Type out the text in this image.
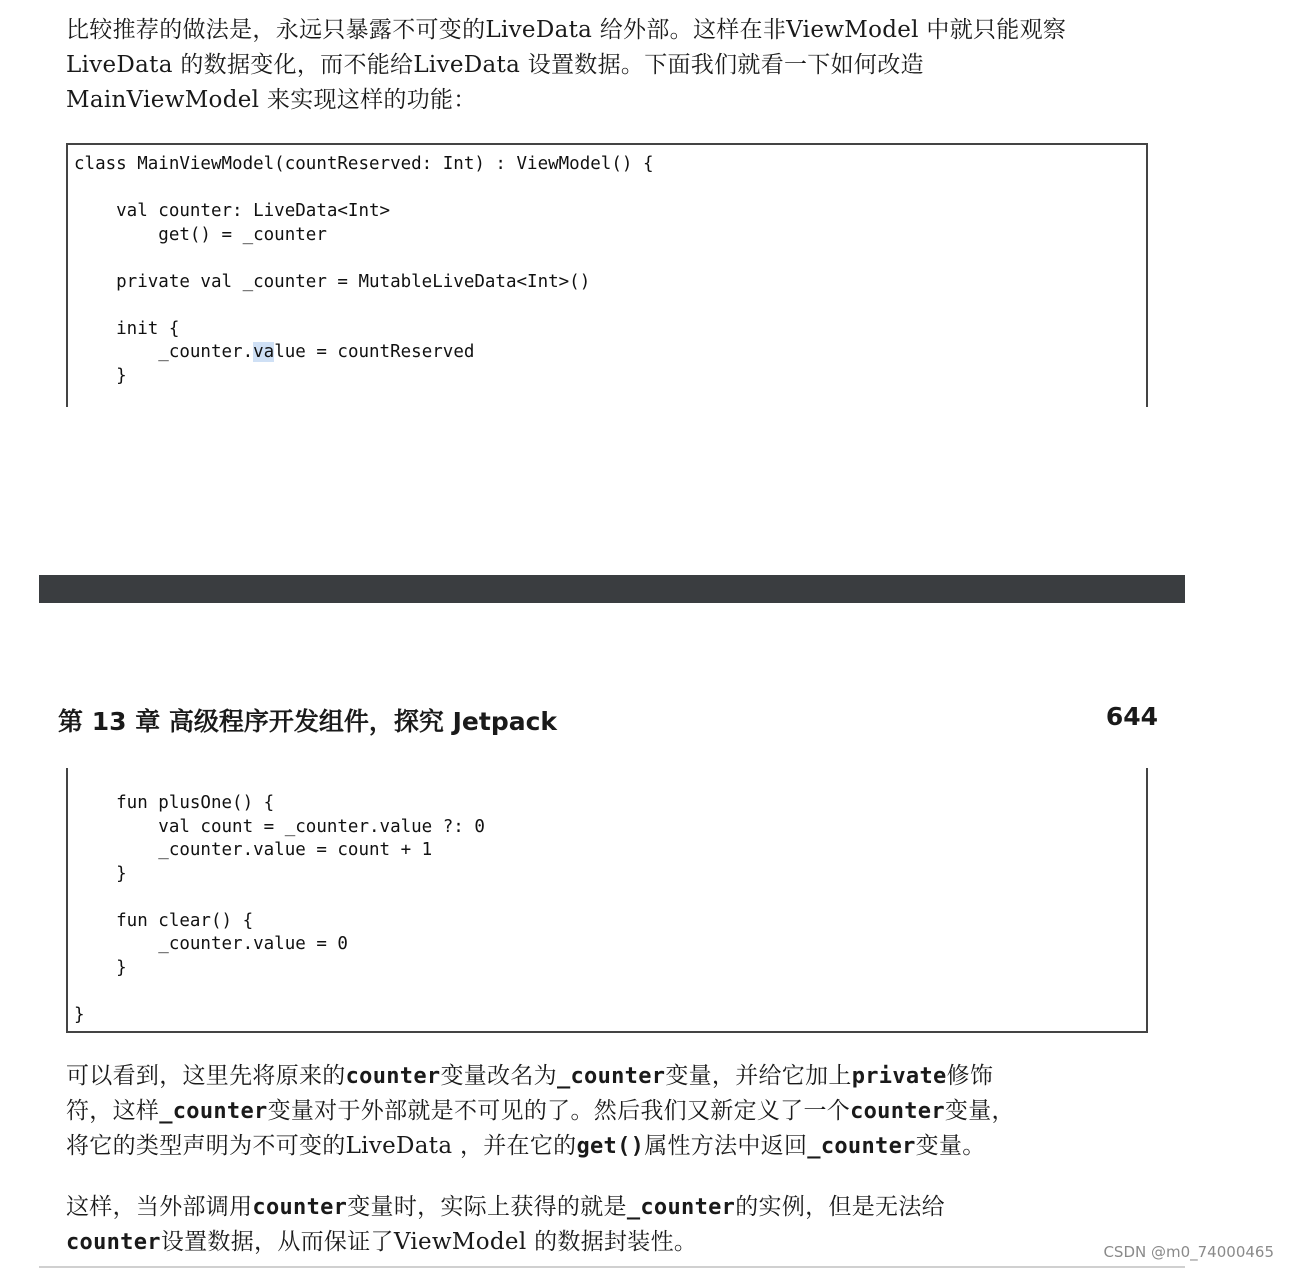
比较推荐的做法是，永远只暴露不可变的LiveData 给外部。这样在非ViewModel 中就只能观察
LiveData 的数据变化，而不能给LiveData 设置数据。下面我们就看一下如何改造
MainViewModel 来实现这样的功能：
class MainViewModel(countReserved: Int) : ViewModel() {

val counter: LiveData<Int>
get() = _counter

private val _counter = MutableLiveData<Int>()

init {
_counter.value = countReserved
}
第 13 章 高级程序开发组件，探究 Jetpack	644
fun plusOne() {
val count = _counter.value ?: 0
_counter.value = count + 1
}

fun clear() {
_counter.value = 0
}

}
可以看到，这里先将原来的counter变量改名为_counter变量，并给它加上private修饰
符，这样_counter变量对于外部就是不可见的了。然后我们又新定义了一个counter变量，
将它的类型声明为不可变的LiveData ，并在它的get()属性方法中返回_counter变量。
这样，当外部调用counter变量时，实际上获得的就是_counter的实例，但是无法给
counter设置数据，从而保证了ViewModel 的数据封装性。	CSDN @m0_74000465
